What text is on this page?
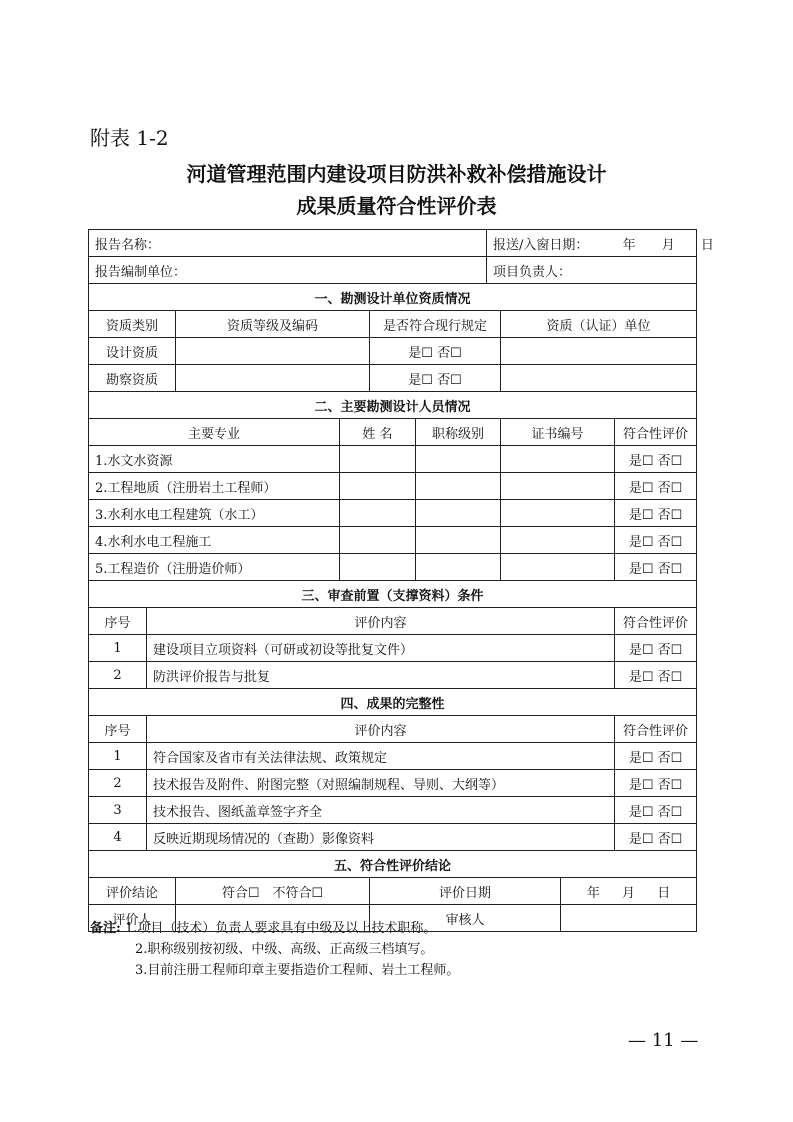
附表 1-2
河道管理范围内建设项目防洪补救补偿措施设计
成果质量符合性评价表
报告名称：						报送/入窗日期： 年 月 日			
报告编制单位：						项目负责人：			
一、勘测设计单位资质情况									
资质类别		资质等级及编码		是否符合现行规定			资质（认证）单位		
设计资质				是☐ 否☐					
勘察资质				是☐ 否☐					
二、主要勘测设计人员情况									
主要专业			姓 名		职称级别		证书编号		符合性评价
1.水文水资源									是☐ 否☐
2.工程地质（注册岩土工程师）									是☐ 否☐
3.水利水电工程建筑（水工）									是☐ 否☐
4.水利水电工程施工									是☐ 否☐
5.工程造价（注册造价师）									是☐ 否☐
三、审查前置（支撑资料）条件									
序号	评价内容								符合性评价
1	建设项目立项资料（可研或初设等批复文件）								是☐ 否☐
2	防洪评价报告与批复								是☐ 否☐
四、成果的完整性									
序号	评价内容								符合性评价
1	符合国家及省市有关法律法规、政策规定								是☐ 否☐
2	技术报告及附件、附图完整（对照编制规程、导则、大纲等）								是☐ 否☐
3	技术报告、图纸盖章签字齐全								是☐ 否☐
4	反映近期现场情况的（查勘）影像资料								是☐ 否☐
五、符合性评价结论									
评价结论		符合☐　不符合☐		评价日期				年 月 日	
评价人				审核人					
备注: 1.项目（技术）负责人要求具有中级及以上技术职称。
2.职称级别按初级、中级、高级、正高级三档填写。
3.目前注册工程师印章主要指造价工程师、岩土工程师。
— 11 —
